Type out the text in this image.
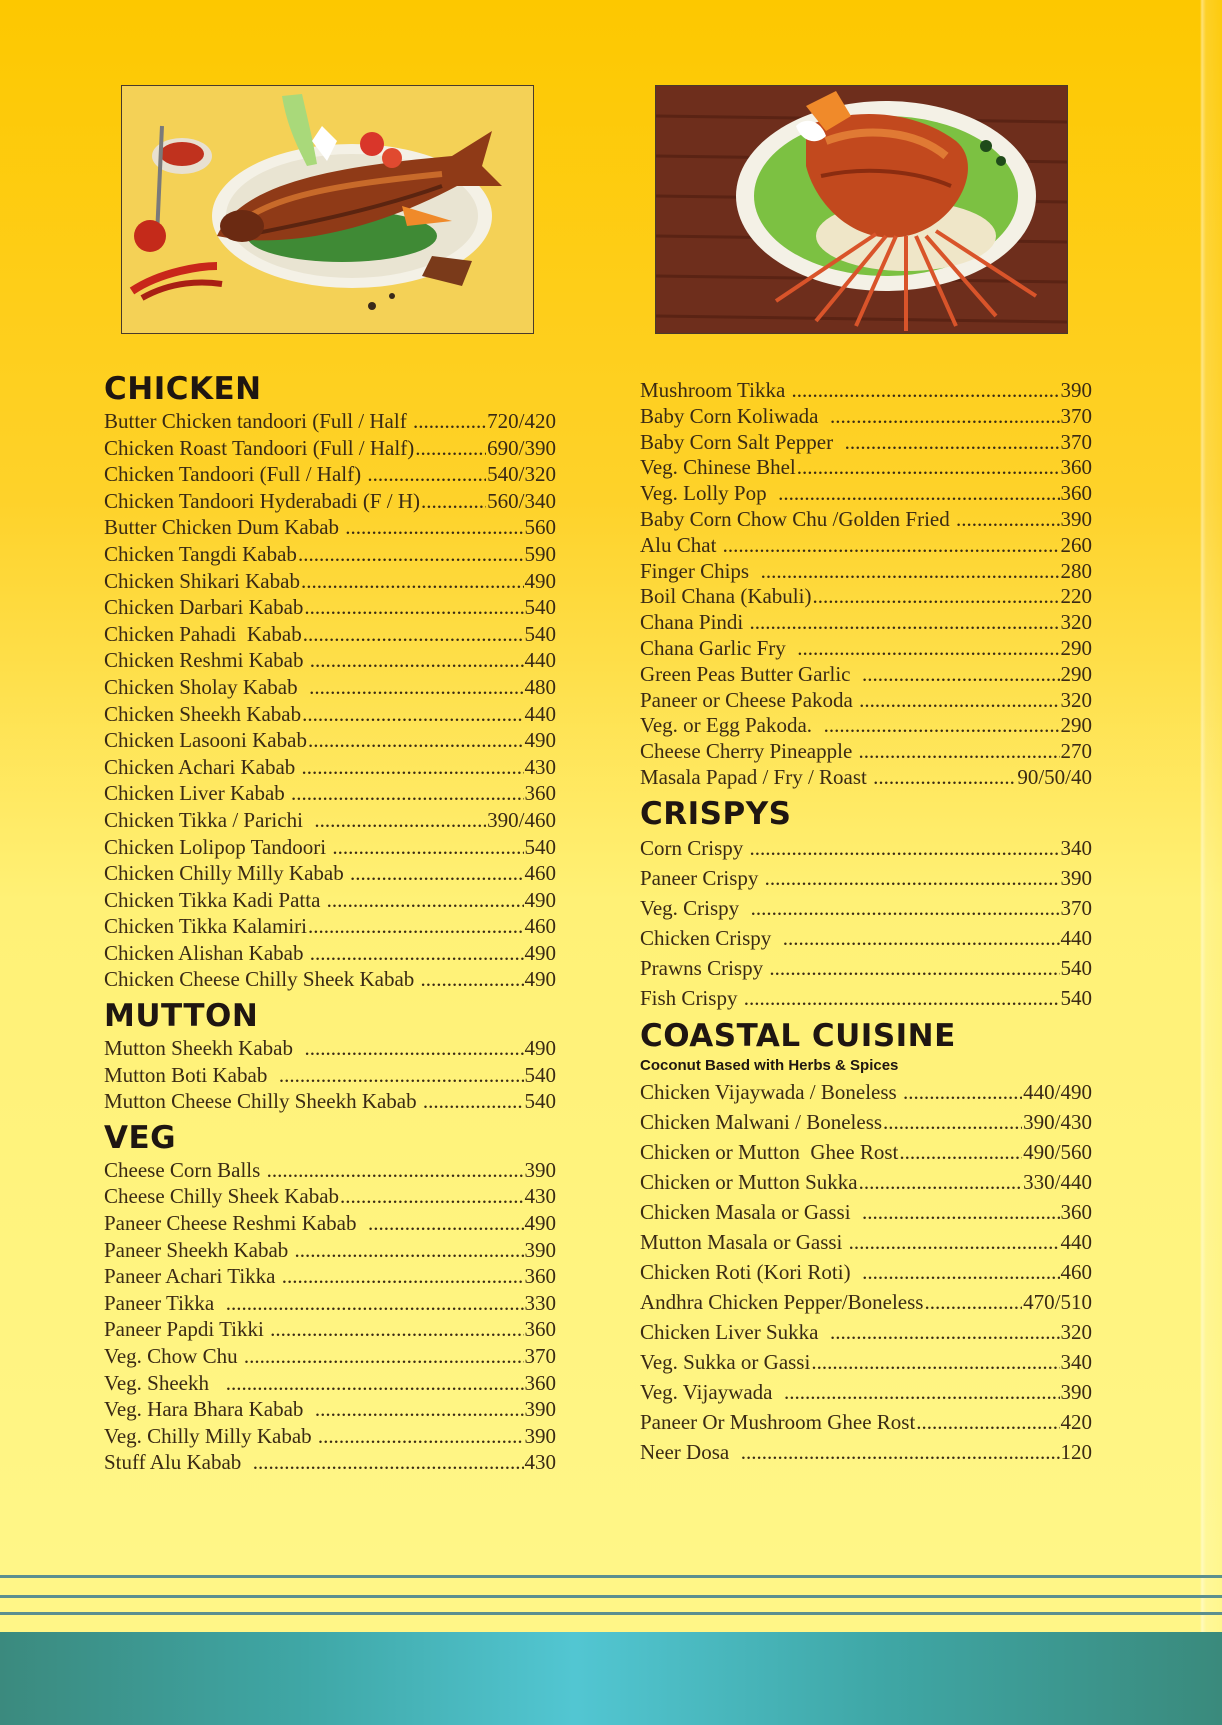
CHICKEN
Butter Chicken tandoori (Full / Half .....	720/420
Chicken Roast Tandoori (Full / Half) .....	690/390
Chicken Tandoori (Full / Half) .....	540/320
Chicken Tandoori Hyderabadi (F / H) .....	560/340
Butter Chicken Dum Kabab .....	560
Chicken Tangdi Kabab .....	590
Chicken Shikari Kabab .....	490
Chicken Darbari Kabab .....	540
Chicken Pahadi  Kabab .....	540
Chicken Reshmi Kabab .....	440
Chicken Sholay Kabab .....	480
Chicken Sheekh Kabab .....	440
Chicken Lasooni Kabab .....	490
Chicken Achari Kabab .....	430
Chicken Liver Kabab .....	360
Chicken Tikka / Parichi .....	390/460
Chicken Lolipop Tandoori .....	540
Chicken Chilly Milly Kabab .....	460
Chicken Tikka Kadi Patta .....	490
Chicken Tikka Kalamiri .....	460
Chicken Alishan Kabab .....	490
Chicken Cheese Chilly Sheek Kabab .....	490
MUTTON
Mutton Sheekh Kabab .....	490
Mutton Boti Kabab .....	540
Mutton Cheese Chilly Sheekh Kabab .....	540
VEG
Cheese Corn Balls .....	390
Cheese Chilly Sheek Kabab .....	430
Paneer Cheese Reshmi Kabab .....	490
Paneer Sheekh Kabab .....	390
Paneer Achari Tikka .....	360
Paneer Tikka .....	330
Paneer Papdi Tikki .....	360
Veg. Chow Chu .....	370
Veg. Sheekh .....	360
Veg. Hara Bhara Kabab .....	390
Veg. Chilly Milly Kabab .....	390
Stuff Alu Kabab .....	430
Mushroom Tikka .....	390
Baby Corn Koliwada .....	370
Baby Corn Salt Pepper .....	370
Veg. Chinese Bhel .....	360
Veg. Lolly Pop .....	360
Baby Corn Chow Chu /Golden Fried .....	390
Alu Chat .....	260
Finger Chips .....	280
Boil Chana (Kabuli) .....	220
Chana Pindi .....	320
Chana Garlic Fry .....	290
Green Peas Butter Garlic .....	290
Paneer or Cheese Pakoda .....	320
Veg. or Egg Pakoda. .....	290
Cheese Cherry Pineapple .....	270
Masala Papad / Fry / Roast .....	90/50/40
CRISPYS
Corn Crispy .....	340
Paneer Crispy .....	390
Veg. Crispy .....	370
Chicken Crispy .....	440
Prawns Crispy .....	540
Fish Crispy .....	540
COASTAL CUISINE
Coconut Based with Herbs & Spices
Chicken Vijaywada / Boneless .....	440/490
Chicken Malwani / Boneless .....	390/430
Chicken or Mutton  Ghee Rost .....	490/560
Chicken or Mutton Sukka .....	330/440
Chicken Masala or Gassi .....	360
Mutton Masala or Gassi .....	440
Chicken Roti (Kori Roti) .....	460
Andhra Chicken Pepper/Boneless .....	470/510
Chicken Liver Sukka .....	320
Veg. Sukka or Gassi .....	340
Veg. Vijaywada .....	390
Paneer Or Mushroom Ghee Rost .....	420
Neer Dosa .....	120
